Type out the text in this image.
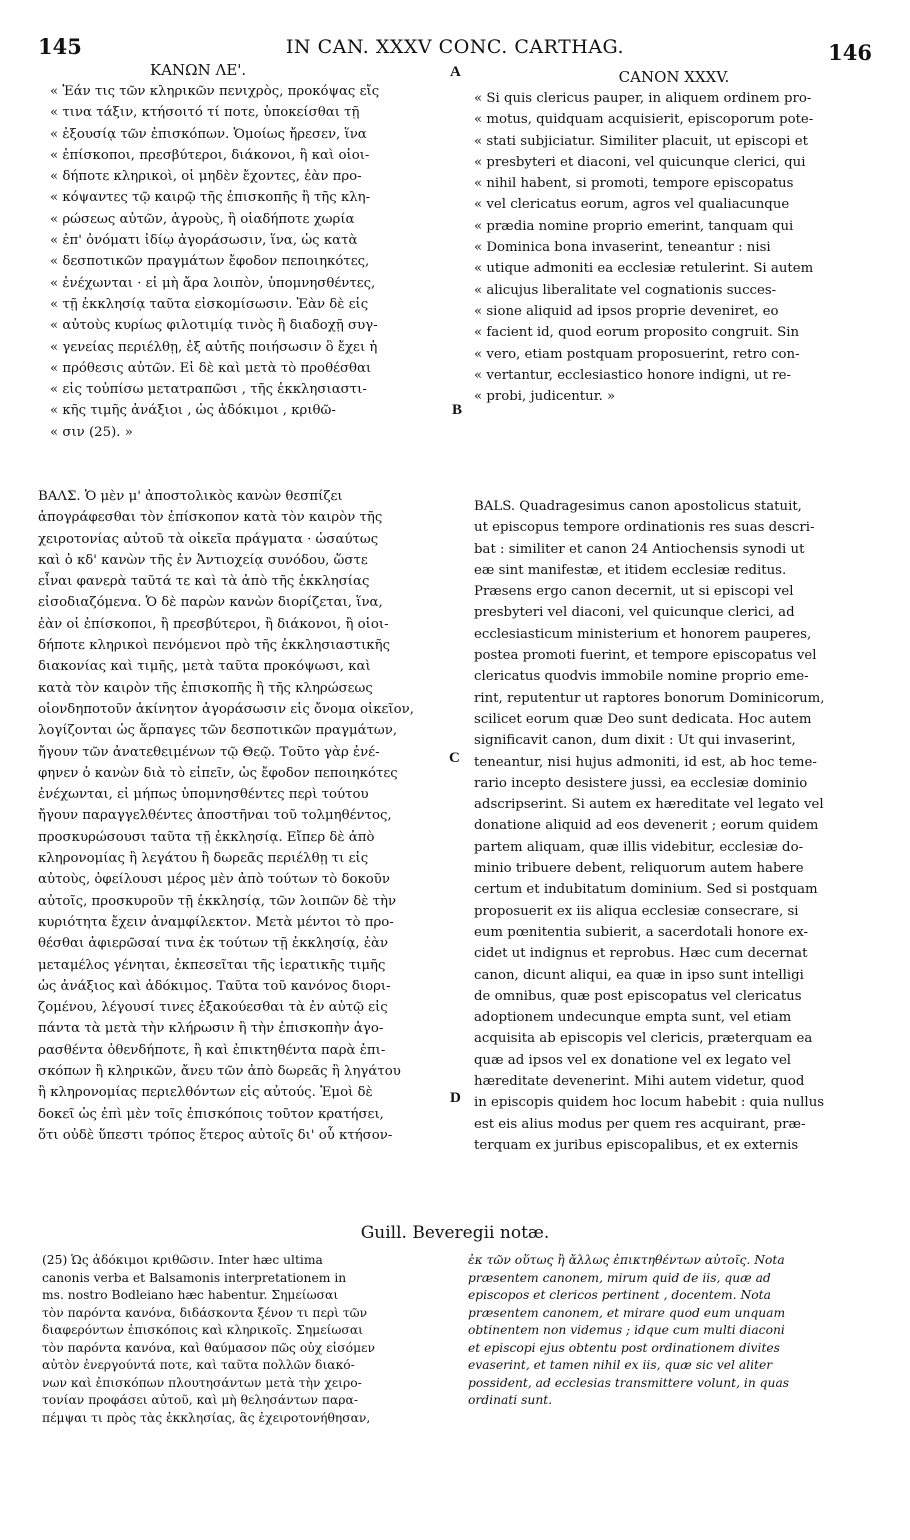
145	IN CAN. XXXV CONC. CARTHAG.	146
A
B
C
D
ΚΑΝΩΝ ΛΕ'.

« Ἐάν τις τῶν κληρικῶν πενιχρὸς, προκόψας εἴς

« τινα τάξιν, κτήσοιτό τί ποτε, ὑποκείσθαι τῇ

« ἐξουσίᾳ τῶν ἐπισκόπων. Ὁμοίως ἤρεσεν, ἵνα

« ἐπίσκοποι, πρεσβύτεροι, διάκονοι, ἢ καὶ οἱοι-

« δήποτε κληρικοὶ, οἱ μηδὲν ἔχοντες, ἐὰν προ-

« κόψαντες τῷ καιρῷ τῆς ἐπισκοπῆς ἢ τῆς κλη-

« ρώσεως αὐτῶν, ἀγροὺς, ἢ οἱαδήποτε χωρία

« ἐπ' ὀνόματι ἰδίῳ ἀγοράσωσιν, ἵνα, ὡς κατὰ

« δεσποτικῶν πραγμάτων ἔφοδον πεποιηκότες,

« ἐνέχωνται · εἰ μὴ ἄρα λοιπὸν, ὑπομνησθέντες,

« τῇ ἐκκλησίᾳ ταῦτα εἰσκομίσωσιν. Ἐὰν δὲ εἰς

« αὐτοὺς κυρίως φιλοτιμίᾳ τινὸς ἢ διαδοχῇ συγ-

« γενείας περιέλθῃ, ἐξ αὐτῆς ποιήσωσιν ὃ ἔχει ἡ

« πρόθεσις αὐτῶν. Εἰ δὲ καὶ μετὰ τὸ προθέσθαι

« εἰς τοὐπίσω μετατραπῶσι , τῆς ἐκκλησιαστι-

« κῆς τιμῆς ἀνάξιοι , ὡς ἀδόκιμοι , κριθῶ-

« σιν (25). »

CANON XXXV.

« Si quis clericus pauper, in aliquem ordinem pro-

« motus, quidquam acquisierit, episcoporum pote-

« stati subjiciatur. Similiter placuit, ut episcopi et

« presbyteri et diaconi, vel quicunque clerici, qui

« nihil habent, si promoti, tempore episcopatus

« vel clericatus eorum, agros vel qualiacunque

« prædia nomine proprio emerint, tanquam qui

« Dominica bona invaserint, teneantur : nisi

« utique admoniti ea ecclesiæ retulerint. Si autem

« alicujus liberalitate vel cognationis succes-

« sione aliquid ad ipsos proprie deveniret, eo

« facient id, quod eorum proposito congruit. Sin

« vero, etiam postquam proposuerint, retro con-

« vertantur, ecclesiastico honore indigni, ut re-

« probi, judicentur. »

ΒΑΛΣ. Ὁ μὲν μ' ἀποστολικὸς κανὼν θεσπίζει

ἀπογράφεσθαι τὸν ἐπίσκοπον κατὰ τὸν καιρὸν τῆς

χειροτονίας αὐτοῦ τὰ οἰκεῖα πράγματα · ὡσαύτως

καὶ ὁ κδ' κανὼν τῆς ἐν Ἀντιοχείᾳ συνόδου, ὥστε

εἶναι φανερὰ ταῦτά τε καὶ τὰ ἀπὸ τῆς ἐκκλησίας

εἰσοδιαζόμενα. Ὁ δὲ παρὼν κανὼν διορίζεται, ἵνα,

ἐὰν οἱ ἐπίσκοποι, ἢ πρεσβύτεροι, ἢ διάκονοι, ἢ οἱοι-

δήποτε κληρικοὶ πενόμενοι πρὸ τῆς ἐκκλησιαστικῆς

διακονίας καὶ τιμῆς, μετὰ ταῦτα προκόψωσι, καὶ

κατὰ τὸν καιρὸν τῆς ἐπισκοπῆς ἢ τῆς κληρώσεως

οἱονδηποτοῦν ἀκίνητον ἀγοράσωσιν εἰς ὄνομα οἰκεῖον,

λογίζονται ὡς ἅρπαγες τῶν δεσποτικῶν πραγμάτων,

ἤγουν τῶν ἀνατεθειμένων τῷ Θεῷ. Τοῦτο γὰρ ἐνέ-

φηνεν ὁ κανὼν διὰ τὸ εἰπεῖν, ὡς ἔφοδον πεποιηκότες

ἐνέχωνται, εἰ μήπως ὑπομνησθέντες περὶ τούτου

ἤγουν παραγγελθέντες ἀποστῆναι τοῦ τολμηθέντος,

προσκυρώσουσι ταῦτα τῇ ἐκκλησίᾳ. Εἴπερ δὲ ἀπὸ

κληρονομίας ἢ λεγάτου ἢ δωρεᾶς περιέλθῃ τι εἰς

αὐτοὺς, ὀφείλουσι μέρος μὲν ἀπὸ τούτων τὸ δοκοῦν

αὐτοῖς, προσκυροῦν τῇ ἐκκλησίᾳ, τῶν λοιπῶν δὲ τὴν

κυριότητα ἔχειν ἀναμφίλεκτον. Μετὰ μέντοι τὸ προ-

θέσθαι ἀφιερῶσαί τινα ἐκ τούτων τῇ ἐκκλησίᾳ, ἐὰν

μεταμέλος γένηται, ἐκπεσεῖται τῆς ἱερατικῆς τιμῆς

ὡς ἀνάξιος καὶ ἀδόκιμος. Ταῦτα τοῦ κανόνος διορι-

ζομένου, λέγουσί τινες ἐξακούεσθαι τὰ ἐν αὐτῷ εἰς

πάντα τὰ μετὰ τὴν κλήρωσιν ἢ τὴν ἐπισκοπὴν ἀγο-

ρασθέντα ὁθενδήποτε, ἢ καὶ ἐπικτηθέντα παρὰ ἐπι-

σκόπων ἢ κληρικῶν, ἄνευ τῶν ἀπὸ δωρεᾶς ἢ ληγάτου

ἢ κληρονομίας περιελθόντων εἰς αὐτούς. Ἐμοὶ δὲ

δοκεῖ ὡς ἐπὶ μὲν τοῖς ἐπισκόποις τοῦτον κρατήσει,

ὅτι οὐδὲ ὕπεστι τρόπος ἕτερος αὐτοῖς δι' οὗ κτήσον-

BALS. Quadragesimus canon apostolicus statuit,

ut episcopus tempore ordinationis res suas descri-

bat : similiter et canon 24 Antiochensis synodi ut

eæ sint manifestæ, et itidem ecclesiæ reditus.

Præsens ergo canon decernit, ut si episcopi vel

presbyteri vel diaconi, vel quicunque clerici, ad

ecclesiasticum ministerium et honorem pauperes,

postea promoti fuerint, et tempore episcopatus vel

clericatus quodvis immobile nomine proprio eme-

rint, reputentur ut raptores bonorum Dominicorum,

scilicet eorum quæ Deo sunt dedicata. Hoc autem

significavit canon, dum dixit : Ut qui invaserint,

teneantur, nisi hujus admoniti, id est, ab hoc teme-

rario incepto desistere jussi, ea ecclesiæ dominio

adscripserint. Si autem ex hæreditate vel legato vel

donatione aliquid ad eos devenerit ; eorum quidem

partem aliquam, quæ illis videbitur, ecclesiæ do-

minio tribuere debent, reliquorum autem habere

certum et indubitatum dominium. Sed si postquam

proposuerit ex iis aliqua ecclesiæ consecrare, si

eum pœnitentia subierit, a sacerdotali honore ex-

cidet ut indignus et reprobus. Hæc cum decernat

canon, dicunt aliqui, ea quæ in ipso sunt intelligi

de omnibus, quæ post episcopatus vel clericatus

adoptionem undecunque empta sunt, vel etiam

acquisita ab episcopis vel clericis, præterquam ea

quæ ad ipsos vel ex donatione vel ex legato vel

hæreditate devenerint. Mihi autem videtur, quod

in episcopis quidem hoc locum habebit : quia nullus

est eis alius modus per quem res acquirant, præ-

terquam ex juribus episcopalibus, et ex externis

Guill. Beveregii notæ.

(25) Ὡς ἀδόκιμοι κριθῶσιν. Inter hæc ultima

canonis verba et Balsamonis interpretationem in

ms. nostro Bodleiano hæc habentur. Σημείωσαι

τὸν παρόντα κανόνα, διδάσκοντα ξένον τι περὶ τῶν

διαφερόντων ἐπισκόποις καὶ κληρικοῖς. Σημείωσαι

τὸν παρόντα κανόνα, καὶ θαύμασον πῶς οὐχ εἰσόμεν

αὐτὸν ἐνεργούντά ποτε, καὶ ταῦτα πολλῶν διακό-

νων καὶ ἐπισκόπων πλουτησάντων μετὰ τὴν χειρο-

τονίαν προφάσει αὐτοῦ, καὶ μὴ θελησάντων παρα-

πέμψαι τι πρὸς τὰς ἐκκλησίας, ἃς ἐχειροτονήθησαν,

ἐκ τῶν οὕτως ἢ ἄλλως ἐπικτηθέντων αὐτοῖς. Nota

præsentem canonem, mirum quid de iis, quæ ad

episcopos et clericos pertinent , docentem. Nota

præsentem canonem, et mirare quod eum unquam

obtinentem non videmus ; idque cum multi diaconi

et episcopi ejus obtentu post ordinationem divites

evaserint, et tamen nihil ex iis, quæ sic vel aliter

possident, ad ecclesias transmittere volunt, in quas

ordinati sunt.
